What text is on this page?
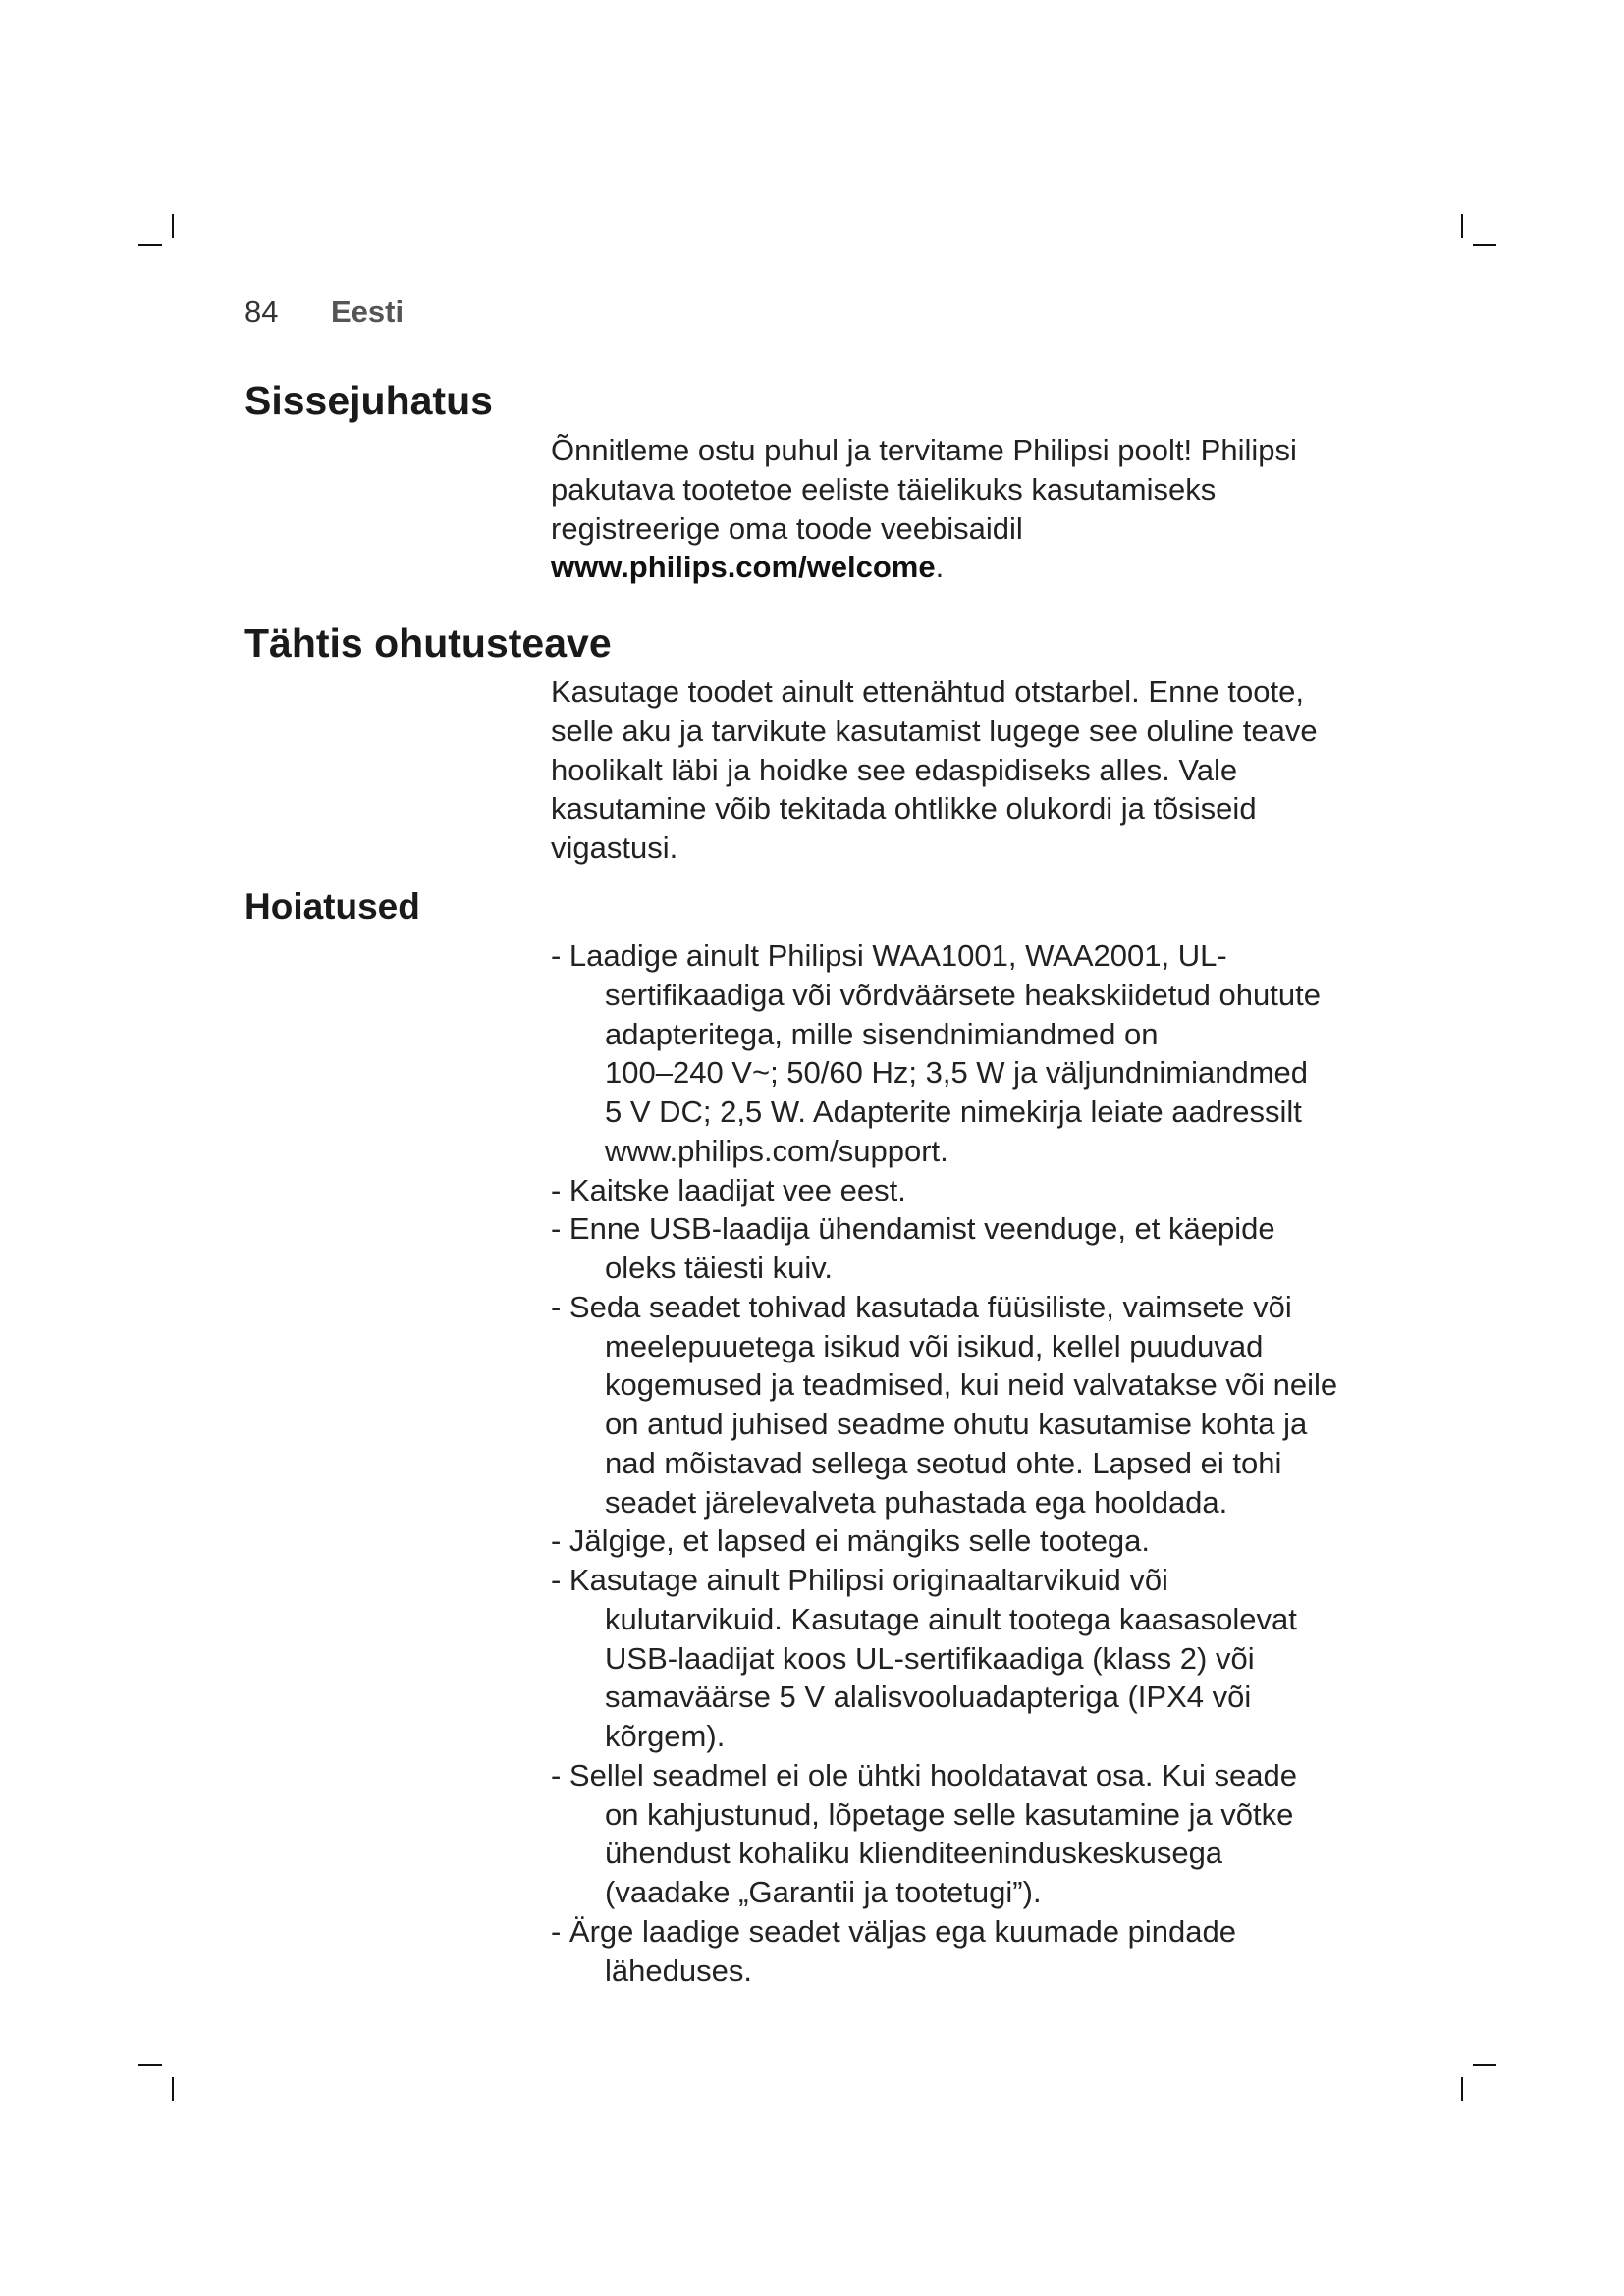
84 Eesti
Sissejuhatus
Õnnitleme ostu puhul ja tervitame Philipsi poolt! Philipsi
pakutava tootetoe eeliste täielikuks kasutamiseks
registreerige oma toode veebisaidil
www.philips.com/welcome.
Tähtis ohutusteave
Kasutage toodet ainult ettenähtud otstarbel. Enne toote,
selle aku ja tarvikute kasutamist lugege see oluline teave
hoolikalt läbi ja hoidke see edaspidiseks alles. Vale
kasutamine võib tekitada ohtlikke olukordi ja tõsiseid
vigastusi.
Hoiatused
- Laadige ainult Philipsi WAA1001, WAA2001, UL-
sertifikaadiga või võrdväärsete heakskiidetud ohutute
adapteritega, mille sisendnimiandmed on
100–240 V~; 50/60 Hz; 3,5 W ja väljundnimiandmed
5 V DC; 2,5 W. Adapterite nimekirja leiate aadressilt
www.philips.com/support.
- Kaitske laadijat vee eest.
- Enne USB-laadija ühendamist veenduge, et käepide
oleks täiesti kuiv.
- Seda seadet tohivad kasutada füüsiliste, vaimsete või
meelepuuetega isikud või isikud, kellel puuduvad
kogemused ja teadmised, kui neid valvatakse või neile
on antud juhised seadme ohutu kasutamise kohta ja
nad mõistavad sellega seotud ohte. Lapsed ei tohi
seadet järelevalveta puhastada ega hooldada.
- Jälgige, et lapsed ei mängiks selle tootega.
- Kasutage ainult Philipsi originaaltarvikuid või
kulutarvikuid. Kasutage ainult tootega kaasasolevat
USB-laadijat koos UL-sertifikaadiga (klass 2) või
samaväärse 5 V alalisvooluadapteriga (IPX4 või
kõrgem).
- Sellel seadmel ei ole ühtki hooldatavat osa. Kui seade
on kahjustunud, lõpetage selle kasutamine ja võtke
ühendust kohaliku klienditeeninduskeskusega
(vaadake „Garantii ja tootetugi”).
- Ärge laadige seadet väljas ega kuumade pindade
läheduses.
